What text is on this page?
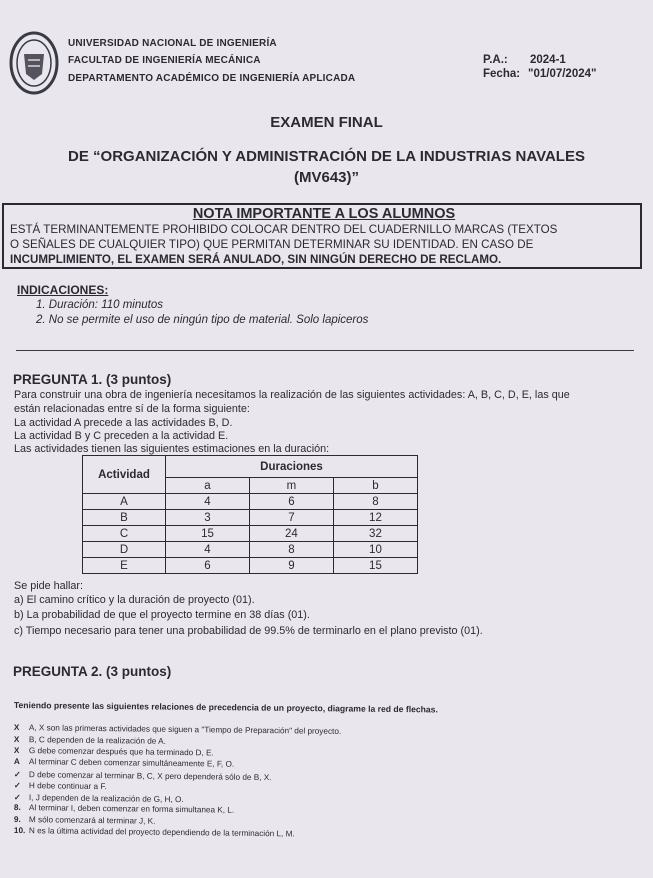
UNIVERSIDAD NACIONAL DE INGENIERÍA
FACULTAD DE INGENIERÍA MECÁNICA
DEPARTAMENTO ACADÉMICO DE INGENIERÍA APLICADA
P.A.: 2024-1
Fecha: "01/07/2024"
EXAMEN FINAL
DE “ORGANIZACIÓN Y ADMINISTRACIÓN DE LA INDUSTRIAS NAVALES
(MV643)”
NOTA IMPORTANTE A LOS ALUMNOS
ESTÁ TERMINANTEMENTE PROHIBIDO COLOCAR DENTRO DEL CUADERNILLO MARCAS (TEXTOS
O SEÑALES DE CUALQUIER TIPO) QUE PERMITAN DETERMINAR SU IDENTIDAD. EN CASO DE
INCUMPLIMIENTO, EL EXAMEN SERÁ ANULADO, SIN NINGÚN DERECHO DE RECLAMO.
INDICACIONES:
1. Duración: 110 minutos
2. No se permite el uso de ningún tipo de material. Solo lapiceros
PREGUNTA 1. (3 puntos)
Para construir una obra de ingeniería necesitamos la realización de las siguientes actividades: A, B, C, D, E, las que
están relacionadas entre sí de la forma siguiente:
La actividad A precede a las actividades B, D.
La actividad B y C preceden a la actividad E.
Las actividades tienen las siguientes estimaciones en la duración:
Actividad	Duraciones		
	a	m	b
A	4	6	8
B	3	7	12
C	15	24	32
D	4	8	10
E	6	9	15
Se pide hallar:
a) El camino crítico y la duración de proyecto (01).
b) La probabilidad de que el proyecto termine en 38 días (01).
c) Tiempo necesario para tener una probabilidad de 99.5% de terminarlo en el plano previsto (01).
PREGUNTA 2. (3 puntos)
Teniendo presente las siguientes relaciones de precedencia de un proyecto, diagrame la red de flechas.
X A, X son las primeras actividades que siguen a "Tiempo de Preparación" del proyecto.
X B, C dependen de la realización de A.
X G debe comenzar después que ha terminado D, E.
A Al terminar C deben comenzar simultáneamente E, F, O.
✓ D debe comenzar al terminar B, C, X pero dependerá sólo de B, X.
✓ H debe continuar a F.
✓ I, J dependen de la realización de G, H, O.
8. Al terminar I, deben comenzar en forma simultanea K, L.
9. M sólo comenzará al terminar J, K.
10. N es la última actividad del proyecto dependiendo de la terminación L, M.
